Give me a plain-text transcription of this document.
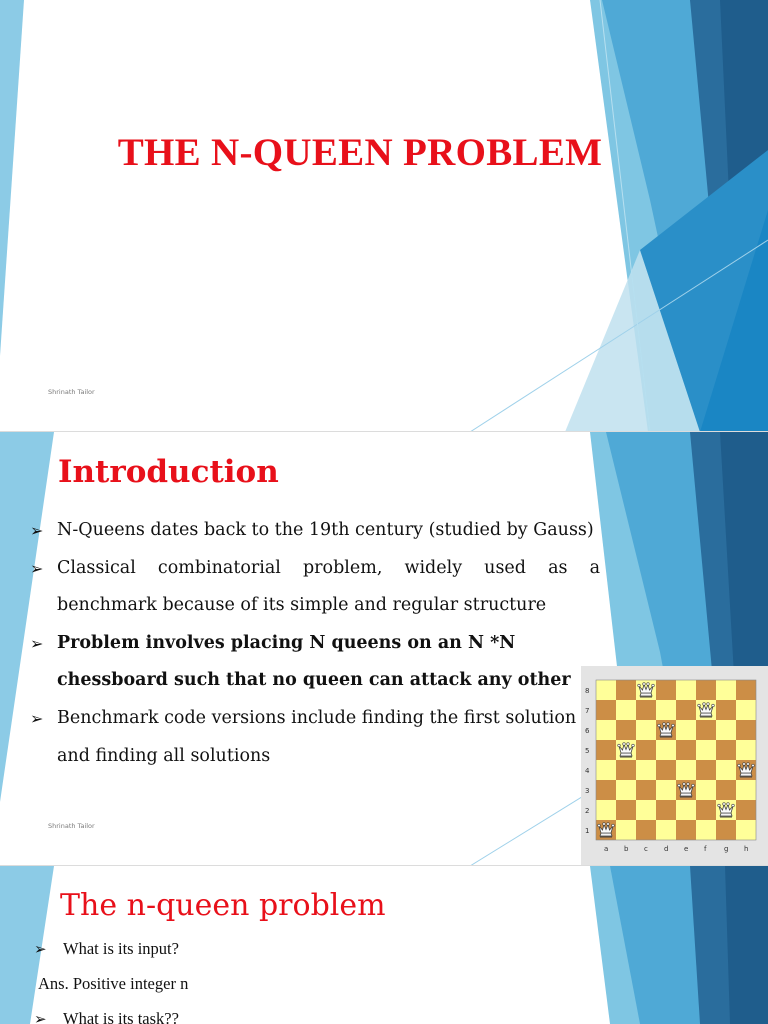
THE N-QUEEN PROBLEM
Shrinath Tailor
Introduction
➢ N-Queens dates back to the 19th century (studied by Gauss)
➢ Classical combinatorial problem, widely used as a benchmark because of its simple and regular structure
➢ Problem involves placing N queens on an N *N chessboard such that no queen can attack any other
➢ Benchmark code versions include finding the first solution and finding all solutions
8
7
6
5
4
3
2
1
a b c d e f	g h
Shrinath Tailor
The n-queen problem
➢ What is its input?
Ans. Positive integer n
➢ What is its task??
